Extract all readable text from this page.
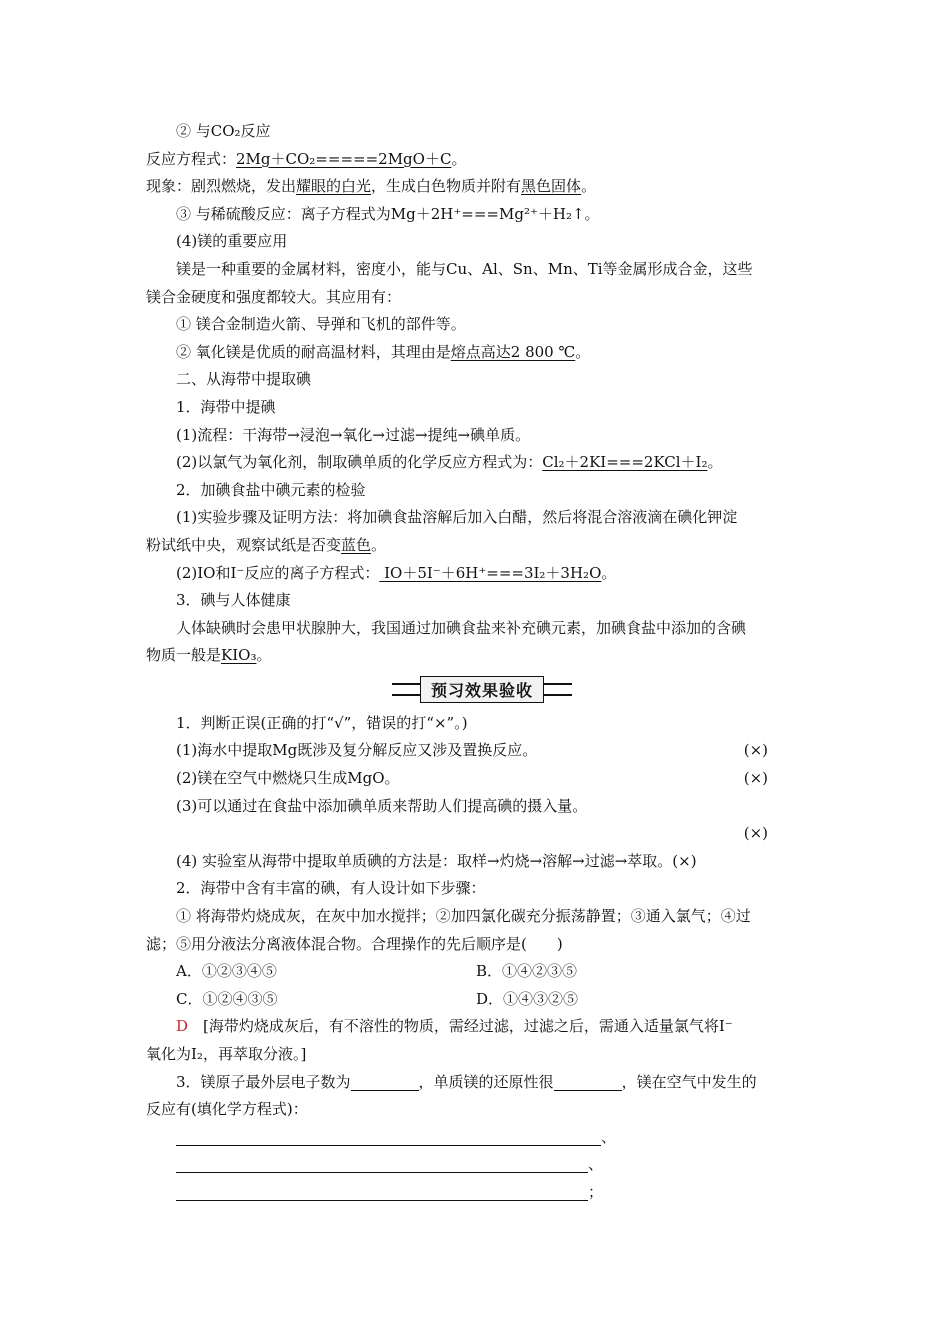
② 与CO₂反应
反应方程式：2Mg＋CO₂=====2MgO＋C。
现象：剧烈燃烧，发出耀眼的白光，生成白色物质并附有黑色固体。
③ 与稀硫酸反应：离子方程式为Mg＋2H⁺===Mg²⁺＋H₂↑。
(4)镁的重要应用
镁是一种重要的金属材料，密度小，能与Cu、Al、Sn、Mn、Ti等金属形成合金，这些
镁合金硬度和强度都较大。其应用有：
① 镁合金制造火箭、导弹和飞机的部件等。
② 氧化镁是优质的耐高温材料，其理由是熔点高达2 800 ℃。
二、从海带中提取碘
1．海带中提碘
(1)流程：干海带→浸泡→氧化→过滤→提纯→碘单质。
(2)以氯气为氧化剂，制取碘单质的化学反应方程式为：Cl₂＋2KI===2KCl＋I₂。
2．加碘食盐中碘元素的检验
(1)实验步骤及证明方法：将加碘食盐溶解后加入白醋，然后将混合溶液滴在碘化钾淀
粉试纸中央，观察试纸是否变蓝色。
(2)IO和I⁻反应的离子方程式： IO＋5I⁻＋6H⁺===3I₂＋3H₂O。
3．碘与人体健康
人体缺碘时会患甲状腺肿大，我国通过加碘食盐来补充碘元素，加碘食盐中添加的含碘
物质一般是KIO₃。
预习效果验收
1．判断正误(正确的打“√”，错误的打“×”。)
(1)海水中提取Mg既涉及复分解反应又涉及置换反应。	(×)
(2)镁在空气中燃烧只生成MgO。	(×)
(3)可以通过在食盐中添加碘单质来帮助人们提高碘的摄入量。
(×)
(4) 实验室从海带中提取单质碘的方法是：取样→灼烧→溶解→过滤→萃取。(×)
2．海带中含有丰富的碘，有人设计如下步骤：
① 将海带灼烧成灰，在灰中加水搅拌；②加四氯化碳充分振荡静置；③通入氯气；④过
滤；⑤用分液法分离液体混合物。合理操作的先后顺序是(　　)
A．①②③④⑤	B．①④②③⑤
C．①②④③⑤	D．①④③②⑤
D　[海带灼烧成灰后，有不溶性的物质，需经过滤，过滤之后，需通入适量氯气将I⁻
氧化为I₂，再萃取分液。]
3．镁原子最外层电子数为	，单质镁的还原性很	，镁在空气中发生的
反应有(填化学方程式)：
、
、
；
